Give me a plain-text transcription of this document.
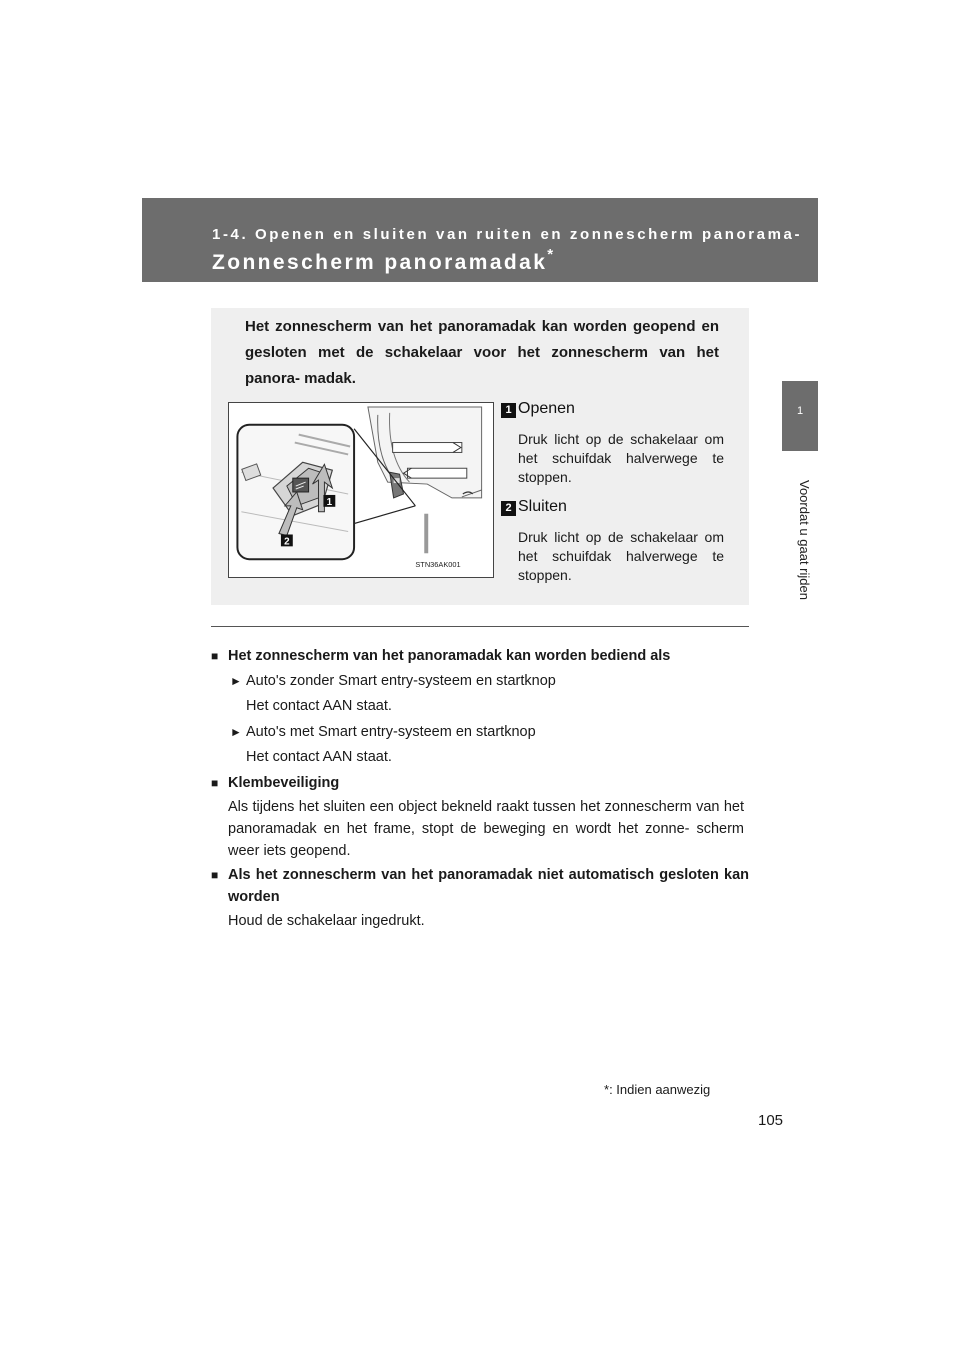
1-4. Openen en sluiten van ruiten en zonnescherm panorama-
Zonnescherm panoramadak*
1
Voordat u gaat rijden

Het zonnescherm van het panoramadak kan worden geopend en gesloten met de schakelaar voor het zonnescherm van het panora- madak.

1
2
STN36AK001
1 Openen

Druk licht op de schakelaar om het schuifdak halverwege te stoppen.

2 Sluiten

Druk licht op de schakelaar om het schuifdak halverwege te stoppen.

■ Het zonnescherm van het panoramadak kan worden bediend als
► Auto's zonder Smart entry-systeem en startknop
Het contact AAN staat.
► Auto's met Smart entry-systeem en startknop
Het contact AAN staat.
■ Klembeveiliging

Als tijdens het sluiten een object bekneld raakt tussen het zonnescherm van het panoramadak en het frame, stopt de beweging en wordt het zonne- scherm weer iets geopend.

■ Als het zonnescherm van het panoramadak niet automatisch gesloten kan worden

Houd de schakelaar ingedrukt.

*: Indien aanwezig
105
